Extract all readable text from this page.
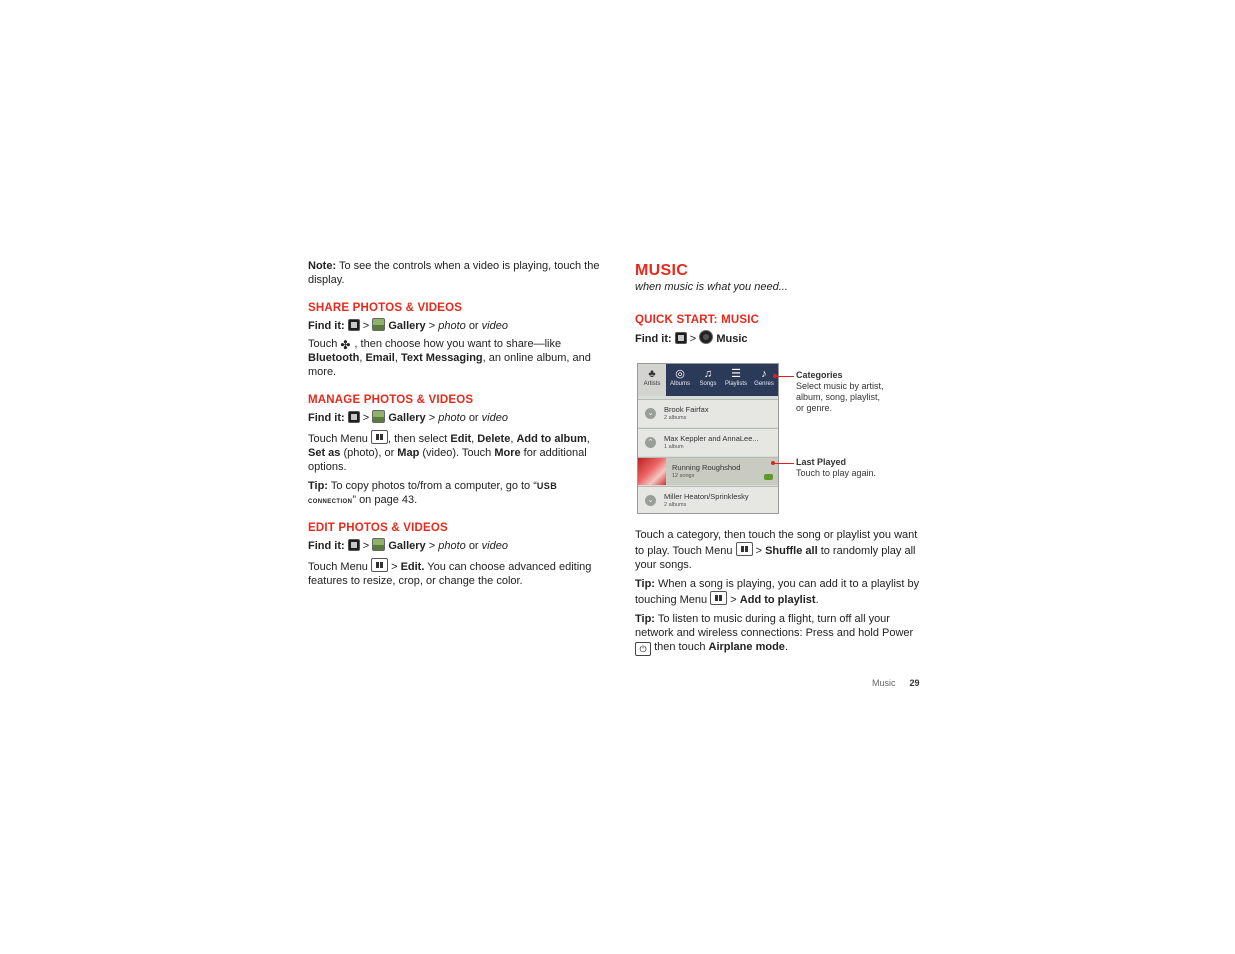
Note: To see the controls when a video is playing, touch the display.

SHARE PHOTOS & VIDEOS

Find it: > Gallery > photo or video

Touch ✤ , then choose how you want to share—like Bluetooth, Email, Text Messaging, an online album, and more.

MANAGE PHOTOS & VIDEOS

Find it: > Gallery > photo or video

Touch Menu , then select Edit, Delete, Add to album, Set as (photo), or Map (video). Touch More for additional options.

Tip: To copy photos to/from a computer, go to “USB connection” on page 43.

EDIT PHOTOS & VIDEOS

Find it: > Gallery > photo or video

Touch Menu > Edit. You can choose advanced editing features to resize, crop, or change the color.

MUSIC

when music is what you need...

QUICK START: MUSIC

Find it: > Music

Touch a category, then touch the song or playlist you want to play. Touch Menu > Shuffle all to randomly play all your songs.

Tip: When a song is playing, you can add it to a playlist by touching Menu > Add to playlist.

Tip: To listen to music during a flight, turn off all your network and wireless connections: Press and hold Power ⏻ then touch Airplane mode.

♣
Artists
◎
Albums
♫
Songs
☰
Playlists
♪
Genres
⌄	Brook Fairfax
2 albums
⌃	Max Keppler and AnnaLee...
1 album
Running Roughshod
12 songs
⌄	Miller Heaton/Sprinklesky
2 albums
Categories
Select music by artist, album, song, playlist, or genre.
Last Played
Touch to play again.
Music 29
